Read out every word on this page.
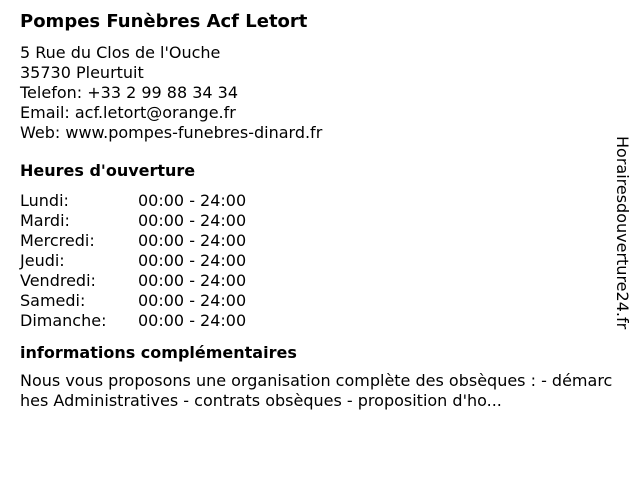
Pompes Funèbres Acf Letort
5 Rue du Clos de l'Ouche
35730 Pleurtuit
Telefon: +33 2 99 88 34 34
Email: acf.letort@orange.fr
Web: www.pompes-funebres-dinard.fr
Heures d'ouverture
Lundi:	00:00 - 24:00
Mardi:	00:00 - 24:00
Mercredi:	00:00 - 24:00
Jeudi:	00:00 - 24:00
Vendredi:	00:00 - 24:00
Samedi:	00:00 - 24:00
Dimanche:	00:00 - 24:00
informations complémentaires
Nous vous proposons une organisation complète des obsèques : - démarches Administratives - contrats obsèques - proposition d'ho...
Horairesdouverture24.fr
